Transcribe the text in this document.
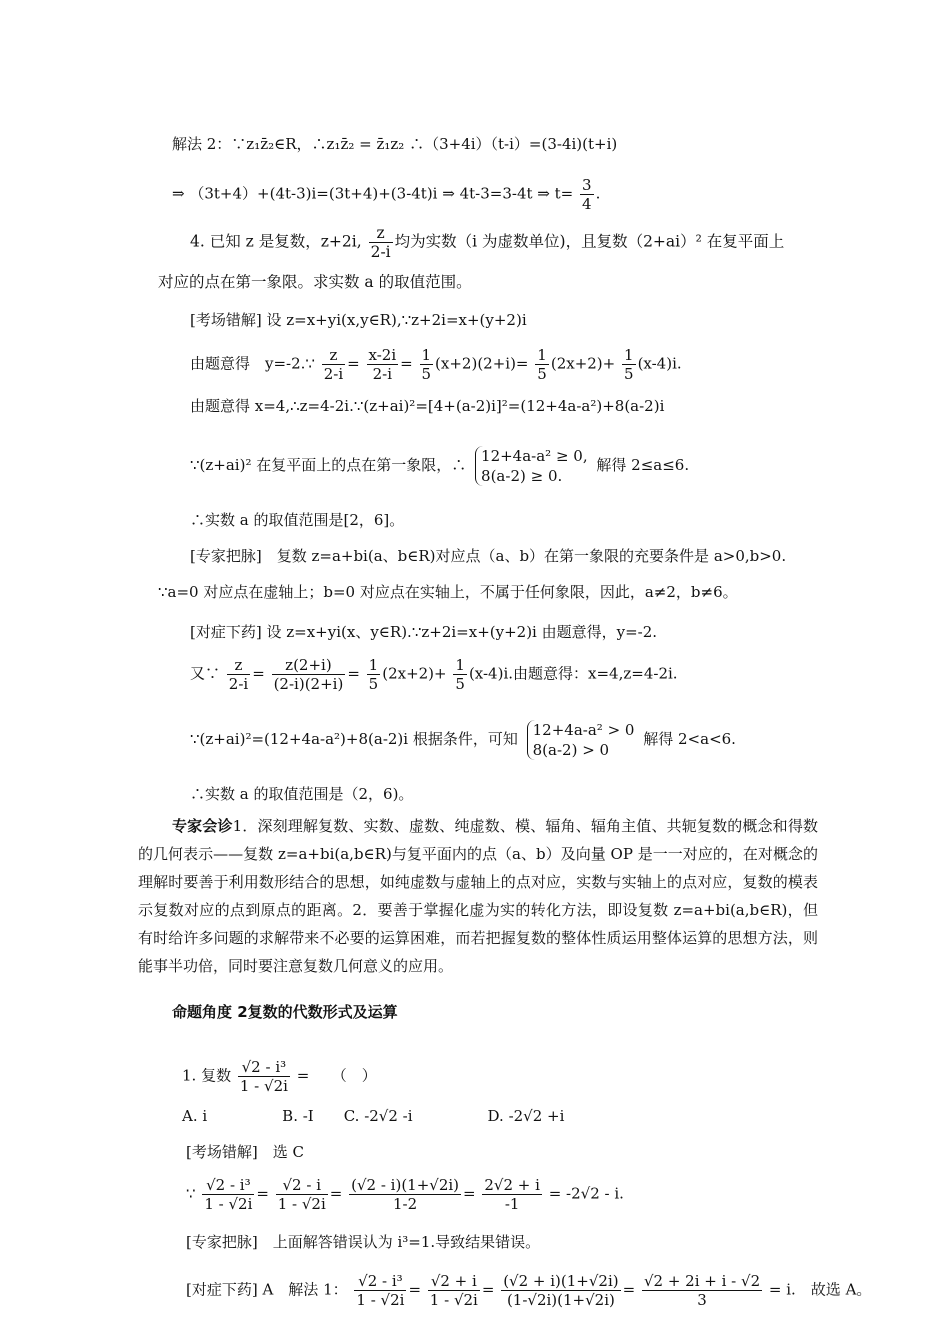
解法 2：∵z₁z̄₂∈R，∴z₁z̄₂ = z̄₁z₂ ∴（3+4i）（t-i）=(3-4i)(t+i)
⇒ （3t+4）+(4t-3)i=(3t+4)+(3-4t)i ⇒ 4t-3=3-4t ⇒ $t= \frac{3}{4}$ .
4. 已知 z 是复数，z+2i, $\frac{z}{2-i}$ 均为实数（i 为虚数单位)，且复数（2+ai）² 在复平面上
对应的点在第一象限。求实数 a 的取值范围。
[考场错解] 设 z=x+yi(x,y∈R),∵z+2i=x+(y+2)i
由题意得　y=-2.∵ $\frac{z}{2-i} = \frac{x-2i}{2-i} = \frac{1}{5} (x+2)(2+i)= \frac{1}{5} (2x+2)+ \frac{1}{5} (x-4)i$.
由题意得 x=4,∴z=4-2i.∵(z+ai)²=[4+(a-2)i]²=(12+4a-a²)+8(a-2)i
∵(z+ai)² 在复平面上的点在第一象限，∴ 12+4a-a² ≥ 0,
8(a-2) ≥ 0.
解得 2≤a≤6.
∴实数 a 的取值范围是[2，6]。
[专家把脉]　复数 z=a+bi(a、b∈R)对应点（a、b）在第一象限的充要条件是 a>0,b>0.
∵a=0 对应点在虚轴上；b=0 对应点在实轴上，不属于任何象限，因此，a≠2，b≠6。
[对症下药] 设 z=x+yi(x、y∈R).∵z+2i=x+(y+2)i 由题意得，y=-2.
又∵ $\frac{z}{2-i} = \frac{z(2+i)}{(2-i)(2+i)} = \frac{1}{5} (2x+2)+ \frac{1}{5} (x-4)i$.由题意得：x=4,z=4-2i.
∵(z+ai)²=(12+4a-a²)+8(a-2)i 根据条件，可知 12+4a-a² > 0
8(a-2) > 0
解得 2<a<6.
∴实数 a 的取值范围是（2，6)。
专家会诊1．深刻理解复数、实数、虚数、纯虚数、模、辐角、辐角主值、共轭复数的概念和得数的几何表示——复数 z=a+bi(a,b∈R)与复平面内的点（a、b）及向量 OP 是一一对应的，在对概念的理解时要善于利用数形结合的思想，如纯虚数与虚轴上的点对应，实数与实轴上的点对应，复数的模表示复数对应的点到原点的距离。2．要善于掌握化虚为实的转化方法，即设复数 z=a+bi(a,b∈R)，但有时给许多问题的求解带来不必要的运算困难，而若把握复数的整体性质运用整体运算的思想方法，则能事半功倍，同时要注意复数几何意义的应用。
命题角度 2复数的代数形式及运算
1. 复数 $\frac{\text{√2 - i³}}{1 - √2i}$ =　　（　）
A. i　　　　　B. -I　　C. -2√2 -i　　　　　D. -2√2 +i
[考场错解]　选 C
∵ $\frac{\text{√2 - i³}}{1 - √2i} = \frac{√2 - i}{1 - √2i} = \frac{(√2 - i)(1+√2i)}{1-2} = \frac{2√2 + i}{-1} = -2√2 - i$.
[专家把脉]　上面解答错误认为 i³=1.导致结果错误。
[对症下药] A　解法 1： $\frac{\text{√2 - i³}}{1 - √2i} = \frac{√2 + i}{1 - √2i} = \frac{(√2 + i)(1+√2i)}{(1-√2i)(1+√2i)} = \frac{√2 + 2i + i - √2}{3} = i$.　故选 A。
